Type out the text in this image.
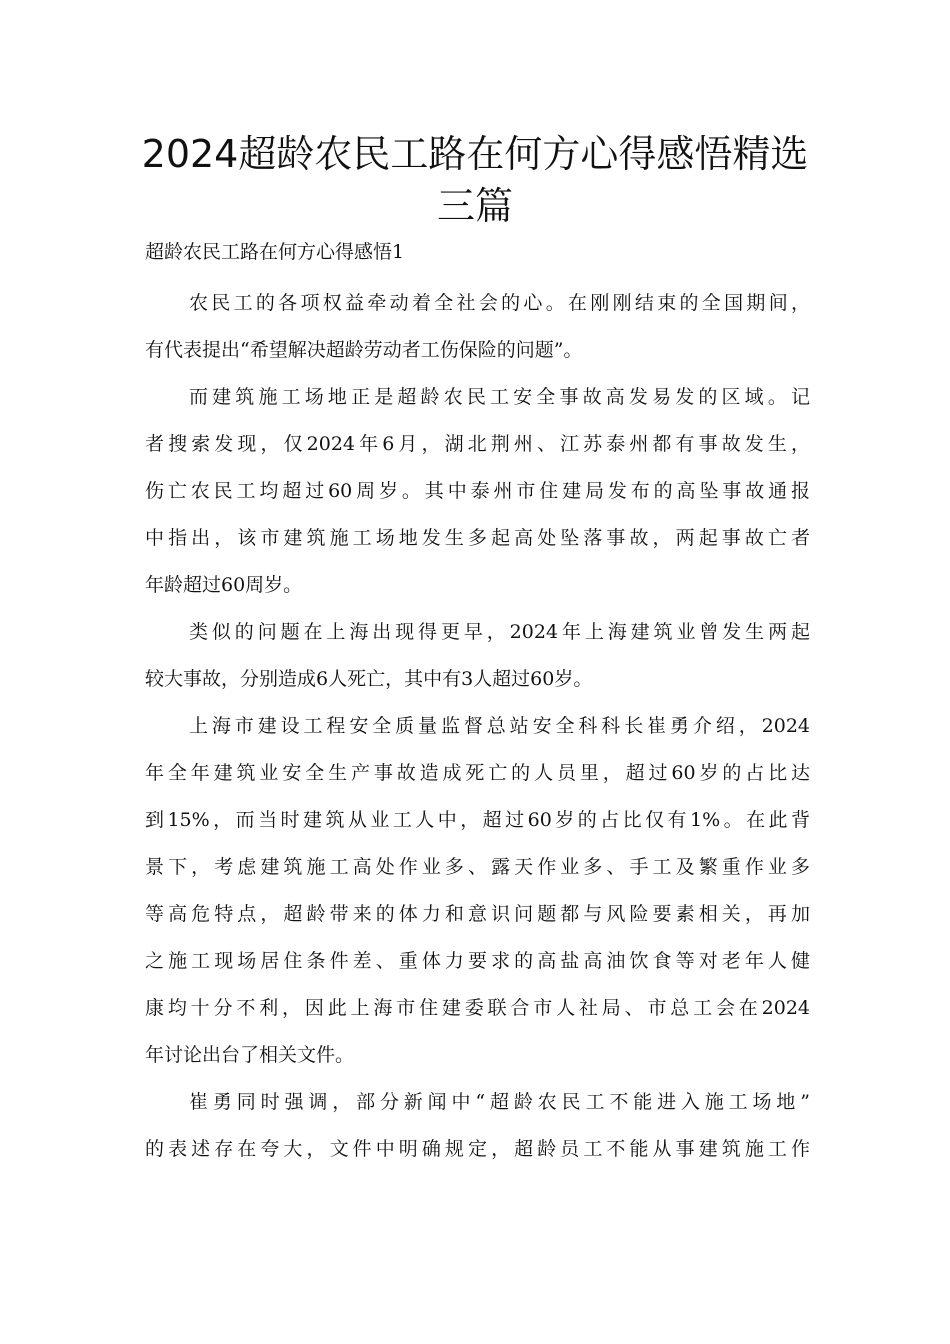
2024超龄农民工路在何方心得感悟精选
三篇

超龄农民工路在何方心得感悟1

农民工的各项权益牵动着全社会的心。在刚刚结束的全国期间，
有代表提出“希望解决超龄劳动者工伤保险的问题”。
而建筑施工场地正是超龄农民工安全事故高发易发的区域。记
者搜索发现，仅2024年6月，湖北荆州、江苏泰州都有事故发生，
伤亡农民工均超过60周岁。其中泰州市住建局发布的高坠事故通报
中指出，该市建筑施工场地发生多起高处坠落事故，两起事故亡者
年龄超过60周岁。
类似的问题在上海出现得更早，2024年上海建筑业曾发生两起
较大事故，分别造成6人死亡，其中有3人超过60岁。
上海市建设工程安全质量监督总站安全科科长崔勇介绍，2024
年全年建筑业安全生产事故造成死亡的人员里，超过60岁的占比达
到15%，而当时建筑从业工人中，超过60岁的占比仅有1%。在此背
景下，考虑建筑施工高处作业多、露天作业多、手工及繁重作业多
等高危特点，超龄带来的体力和意识问题都与风险要素相关，再加
之施工现场居住条件差、重体力要求的高盐高油饮食等对老年人健
康均十分不利，因此上海市住建委联合市人社局、市总工会在2024
年讨论出台了相关文件。
崔勇同时强调，部分新闻中“超龄农民工不能进入施工场地”
的表述存在夸大，文件中明确规定，超龄员工不能从事建筑施工作
